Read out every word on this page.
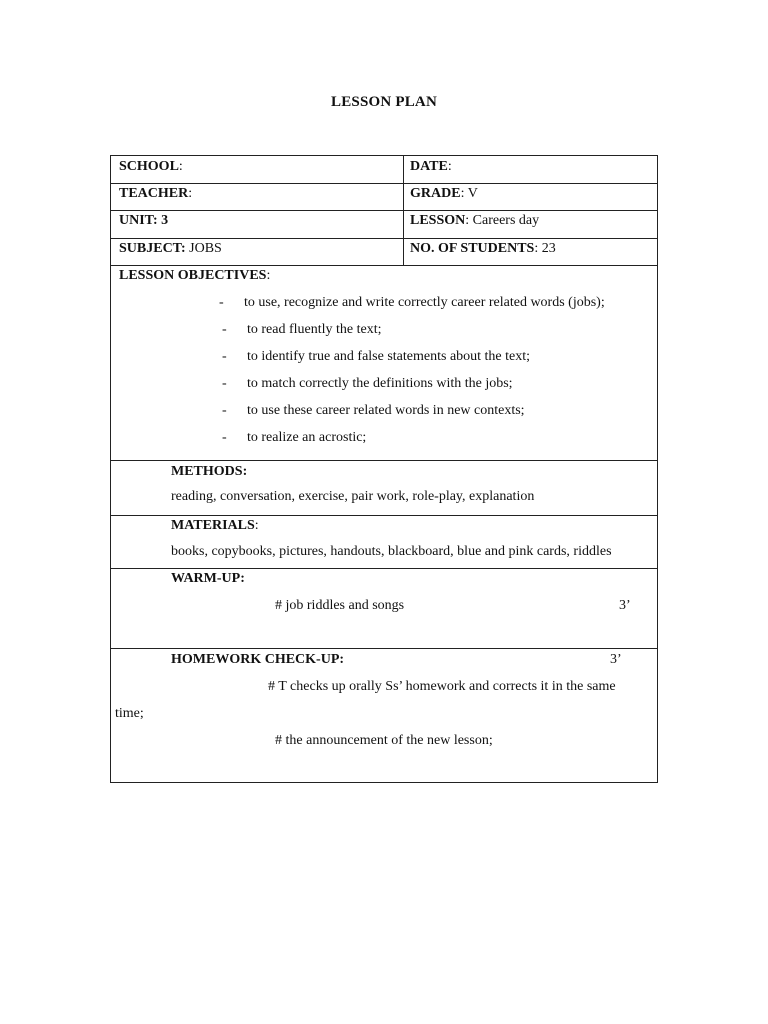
LESSON PLAN
SCHOOL:	DATE:
TEACHER:	GRADE: V
UNIT: 3	LESSON: Careers day
SUBJECT: JOBS	NO. OF STUDENTS: 23
LESSON OBJECTIVES:
- to use, recognize and write correctly career related words (jobs);
- to read fluently the text;
- to identify true and false statements about the text;
- to match correctly the definitions with the jobs;
- to use these career related words in new contexts;
- to realize an acrostic;
METHODS:
reading, conversation, exercise, pair work, role-play, explanation
MATERIALS:
books, copybooks, pictures, handouts, blackboard, blue and pink cards, riddles
WARM-UP:
# job riddles and songs	3’
HOMEWORK CHECK-UP:	3’
# T checks up orally Ss’ homework and corrects it in the same
time;
# the announcement of the new lesson;
